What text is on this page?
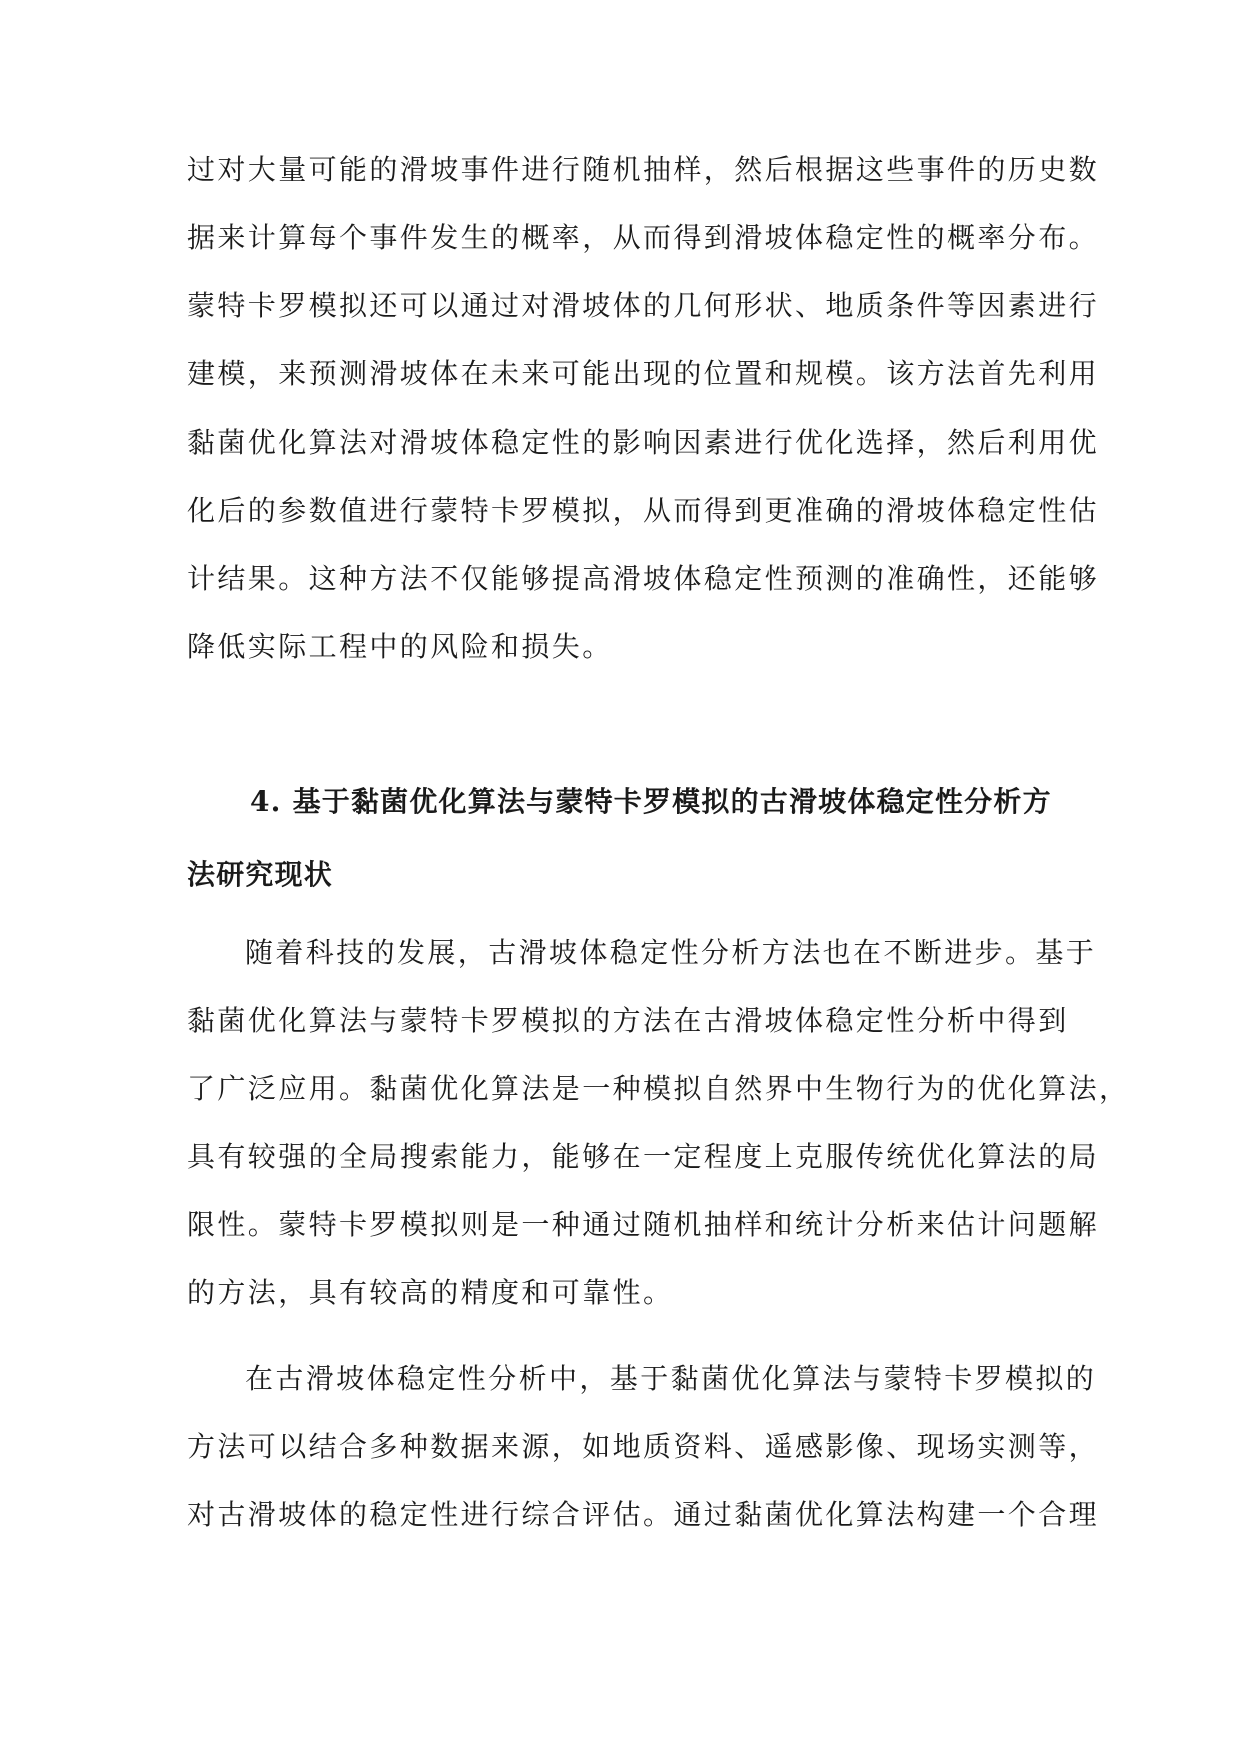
过对大量可能的滑坡事件进行随机抽样，然后根据这些事件的历史数
据来计算每个事件发生的概率，从而得到滑坡体稳定性的概率分布。
蒙特卡罗模拟还可以通过对滑坡体的几何形状、地质条件等因素进行
建模，来预测滑坡体在未来可能出现的位置和规模。该方法首先利用
黏菌优化算法对滑坡体稳定性的影响因素进行优化选择，然后利用优
化后的参数值进行蒙特卡罗模拟，从而得到更准确的滑坡体稳定性估
计结果。这种方法不仅能够提高滑坡体稳定性预测的准确性，还能够
降低实际工程中的风险和损失。
4. 基于黏菌优化算法与蒙特卡罗模拟的古滑坡体稳定性分析方
法研究现状
随着科技的发展，古滑坡体稳定性分析方法也在不断进步。基于
黏菌优化算法与蒙特卡罗模拟的方法在古滑坡体稳定性分析中得到
了广泛应用。黏菌优化算法是一种模拟自然界中生物行为的优化算法，
具有较强的全局搜索能力，能够在一定程度上克服传统优化算法的局
限性。蒙特卡罗模拟则是一种通过随机抽样和统计分析来估计问题解
的方法，具有较高的精度和可靠性。
在古滑坡体稳定性分析中，基于黏菌优化算法与蒙特卡罗模拟的
方法可以结合多种数据来源，如地质资料、遥感影像、现场实测等，
对古滑坡体的稳定性进行综合评估。通过黏菌优化算法构建一个合理
